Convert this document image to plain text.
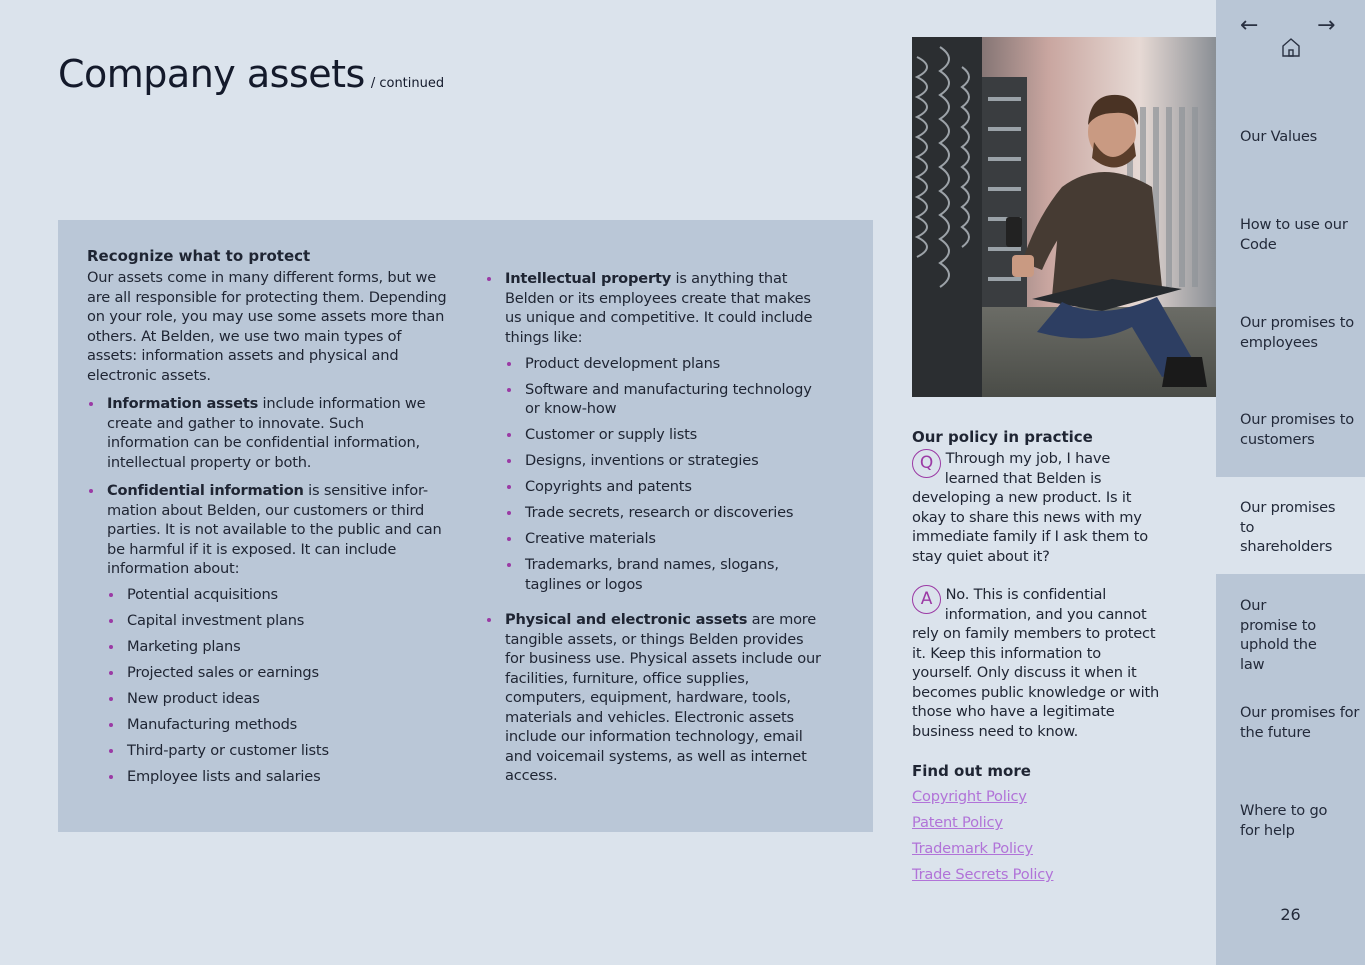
Company assets / continued
Recognize what to protect

Our assets come in many different forms, but we are all responsible for protecting them. Depending on your role, you may use some assets more than others. At Belden, we use two main types of assets: information assets and physical and electronic assets.

Information assets include information we create and gather to innovate. Such information can be confidential information, intellectual property or both.
Confidential information is sensitive infor-mation about Belden, our customers or third parties. It is not available to the public and can be harmful if it is exposed. It can include information about:
Potential acquisitions
Capital investment plans
Marketing plans
Projected sales or earnings
New product ideas
Manufacturing methods
Third-party or customer lists
Employee lists and salaries
Intellectual property is anything that Belden or its employees create that makes us unique and competitive. It could include things like:
Product development plans
Software and manufacturing technology or know-how
Customer or supply lists
Designs, inventions or strategies
Copyrights and patents
Trade secrets, research or discoveries
Creative materials
Trademarks, brand names, slogans, taglines or logos
Physical and electronic assets are more tangible assets, or things Belden provides for business use. Physical assets include our facilities, furniture, office supplies, computers, equipment, hardware, tools, materials and vehicles. Electronic assets include our information technology, email and voicemail systems, as well as internet access.
Our policy in practice
Q Through my job, I have learned that Belden is developing a new product. Is it okay to share this news with my immediate family if I ask them to stay quiet about it?
A No. This is confidential information, and you cannot rely on family members to protect it. Keep this information to yourself. Only discuss it when it becomes public knowledge or with those who have a legitimate business need to know.
Find out more
Copyright Policy
Patent Policy
Trademark Policy
Trade Secrets Policy
←	→
Our Values
How to use our Code
Our promises to employees
Our promises to customers
Our promises to shareholders
Our promise to uphold the law
Our promises for the future
Where to go for help
26
